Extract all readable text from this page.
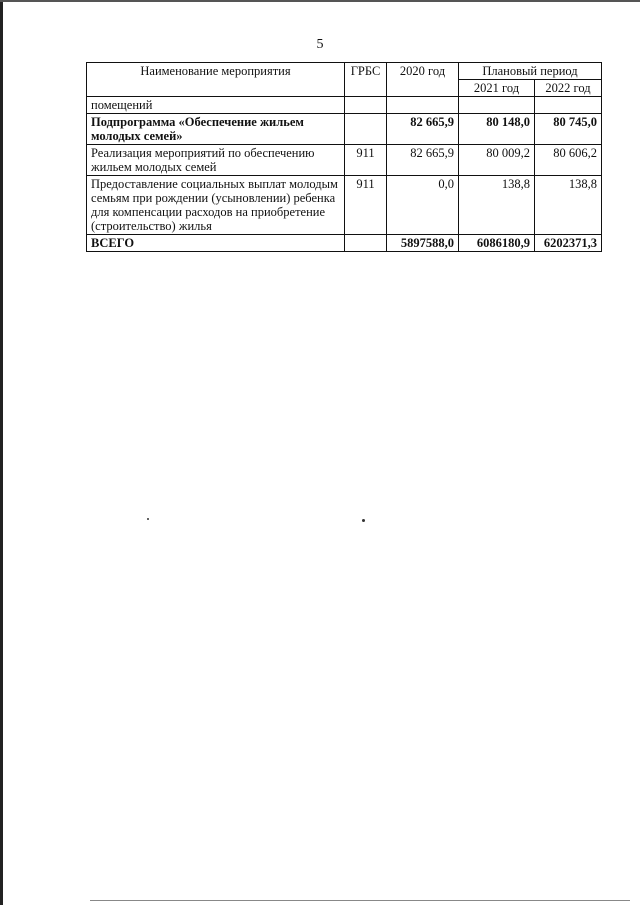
5
Наименование мероприятия	ГРБС	2020 год	Плановый период	
			2021 год	2022 год
помещений				
Подпрограмма «Обеспечение жильем молодых семей»		82 665,9	80 148,0	80 745,0
Реализация мероприятий по обеспечению жильем молодых семей	911	82 665,9	80 009,2	80 606,2
Предоставление социальных выплат молодым семьям при рождении (усыновлении) ребенка для компенсации расходов на приобретение (строительство) жилья	911	0,0	138,8	138,8
ВСЕГО		5897588,0	6086180,9	6202371,3
